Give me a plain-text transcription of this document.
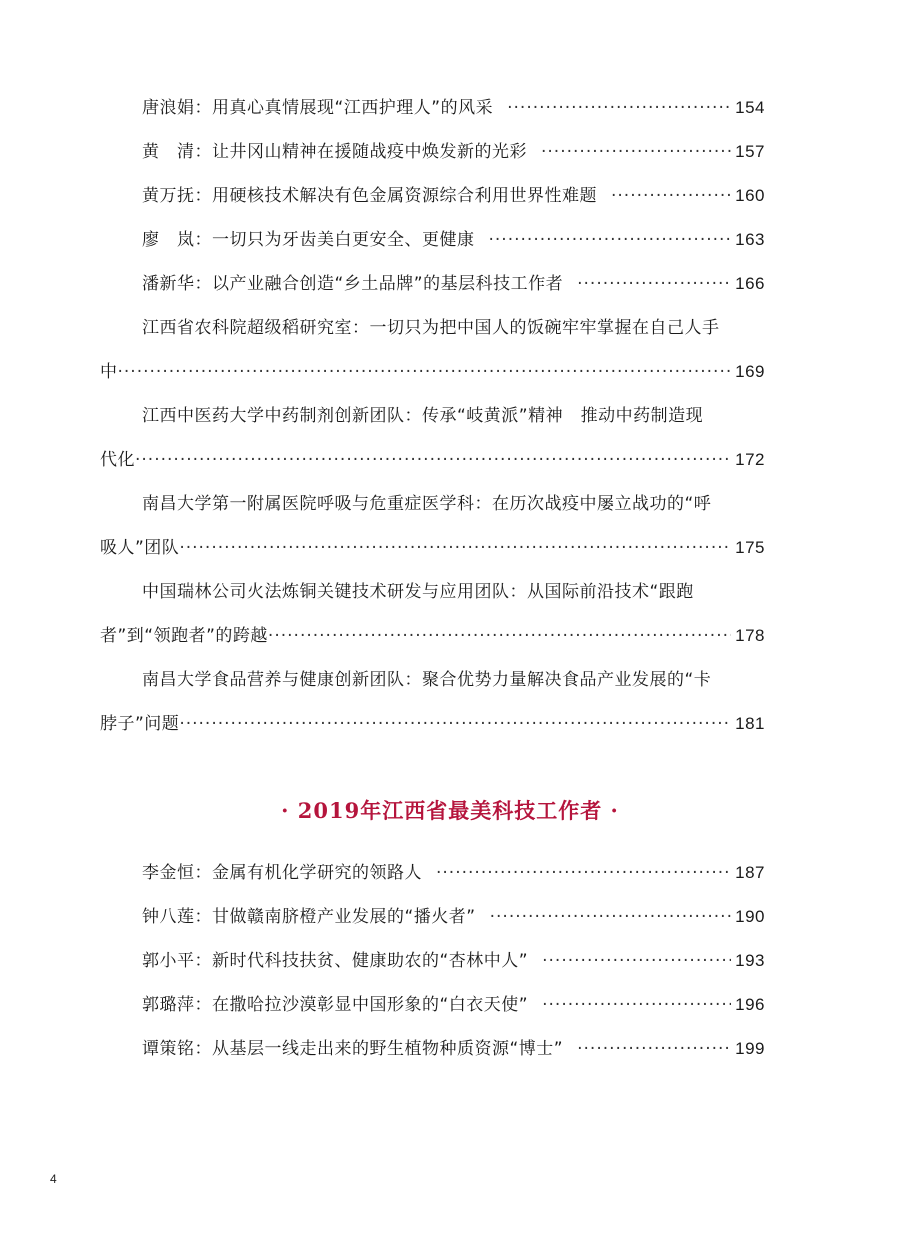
唐浪娟 ： 用真心真情展现“江西护理人”的风采 ·····	154
黄　清 ： 让井冈山精神在援随战疫中焕发新的光彩 ·····	157
黄万抚 ： 用硬核技术解决有色金属资源综合利用世界性难题 ·····	160
廖　岚 ： 一切只为牙齿美白更安全、更健康 ·····	163
潘新华 ： 以产业融合创造“乡土品牌”的基层科技工作者 ·····	166
江西省农科院超级稻研究室：一切只为把中国人的饭碗牢牢掌握在自己人手
中 ·····	169
江西中医药大学中药制剂创新团队：传承“岐黄派”精神　推动中药制造现
代化 ·····	172
南昌大学第一附属医院呼吸与危重症医学科：在历次战疫中屡立战功的“呼
吸人”团队 ·····	175
中国瑞林公司火法炼铜关键技术研发与应用团队：从国际前沿技术“跟跑
者”到“领跑者”的跨越 ·····	178
南昌大学食品营养与健康创新团队：聚合优势力量解决食品产业发展的“卡
脖子”问题 ·····	181
· 2019年江西省最美科技工作者 ·
李金恒 ： 金属有机化学研究的领路人 ·····	187
钟八莲 ： 甘做赣南脐橙产业发展的“播火者” ·····	190
郭小平 ： 新时代科技扶贫、健康助农的“杏林中人” ·····	193
郭璐萍 ： 在撒哈拉沙漠彰显中国形象的“白衣天使” ·····	196
谭策铭 ： 从基层一线走出来的野生植物种质资源“博士” ·····	199
4
